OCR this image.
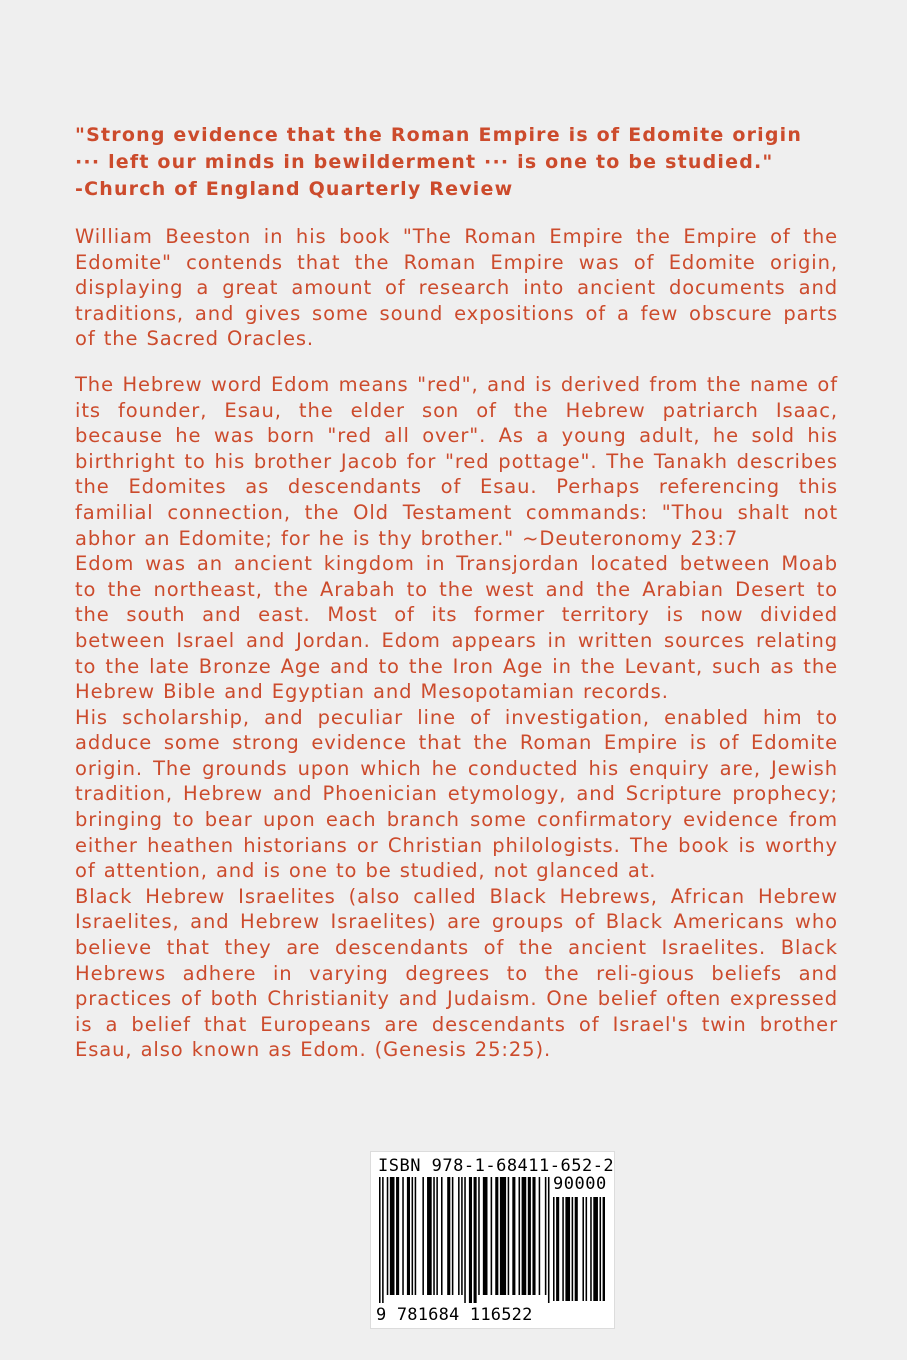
"Strong evidence that the Roman Empire is of Edomite origin
··· left our minds in bewilderment ··· is one to be studied."
-Church of England Quarterly Review

William Beeston in his book "The Roman Empire the Empire of the Edomite" contends that the Roman Empire was of Edomite origin, displaying a great amount of research into ancient documents and traditions, and gives some sound expositions of a few obscure parts of the Sacred Oracles.

The Hebrew word Edom means "red", and is derived from the name of its founder, Esau, the elder son of the Hebrew patriarch Isaac, because he was born "red all over". As a young adult, he sold his birthright to his brother Jacob for "red pottage". The Tanakh describes the Edomites as descendants of Esau. Perhaps referencing this familial connection, the Old Testament commands: "Thou shalt not abhor an Edomite; for he is thy brother." ~Deuteronomy 23:7

Edom was an ancient kingdom in Transjordan located between Moab to the northeast, the Arabah to the west and the Arabian Desert to the south and east. Most of its former territory is now divided between Israel and Jordan. Edom appears in written sources relating to the late Bronze Age and to the Iron Age in the Levant, such as the Hebrew Bible and Egyptian and Mesopotamian records.

His scholarship, and peculiar line of investigation, enabled him to adduce some strong evidence that the Roman Empire is of Edomite origin. The grounds upon which he conducted his enquiry are, Jewish tradition, Hebrew and Phoenician etymology, and Scripture prophecy; bringing to bear upon each branch some confirmatory evidence from either heathen historians or Christian philologists. The book is worthy of attention, and is one to be studied, not glanced at.

Black Hebrew Israelites (also called Black Hebrews, African Hebrew Israelites, and Hebrew Israelites) are groups of Black Americans who believe that they are descendants of the ancient Israelites. Black Hebrews adhere in varying degrees to the reli-gious beliefs and practices of both Christianity and Judaism. One belief often expressed is a belief that Europeans are descendants of Israel's twin brother Esau, also known as Edom. (Genesis 25:25).

ISBN 978-1-68411-652-2
90000
9 781684 116522
